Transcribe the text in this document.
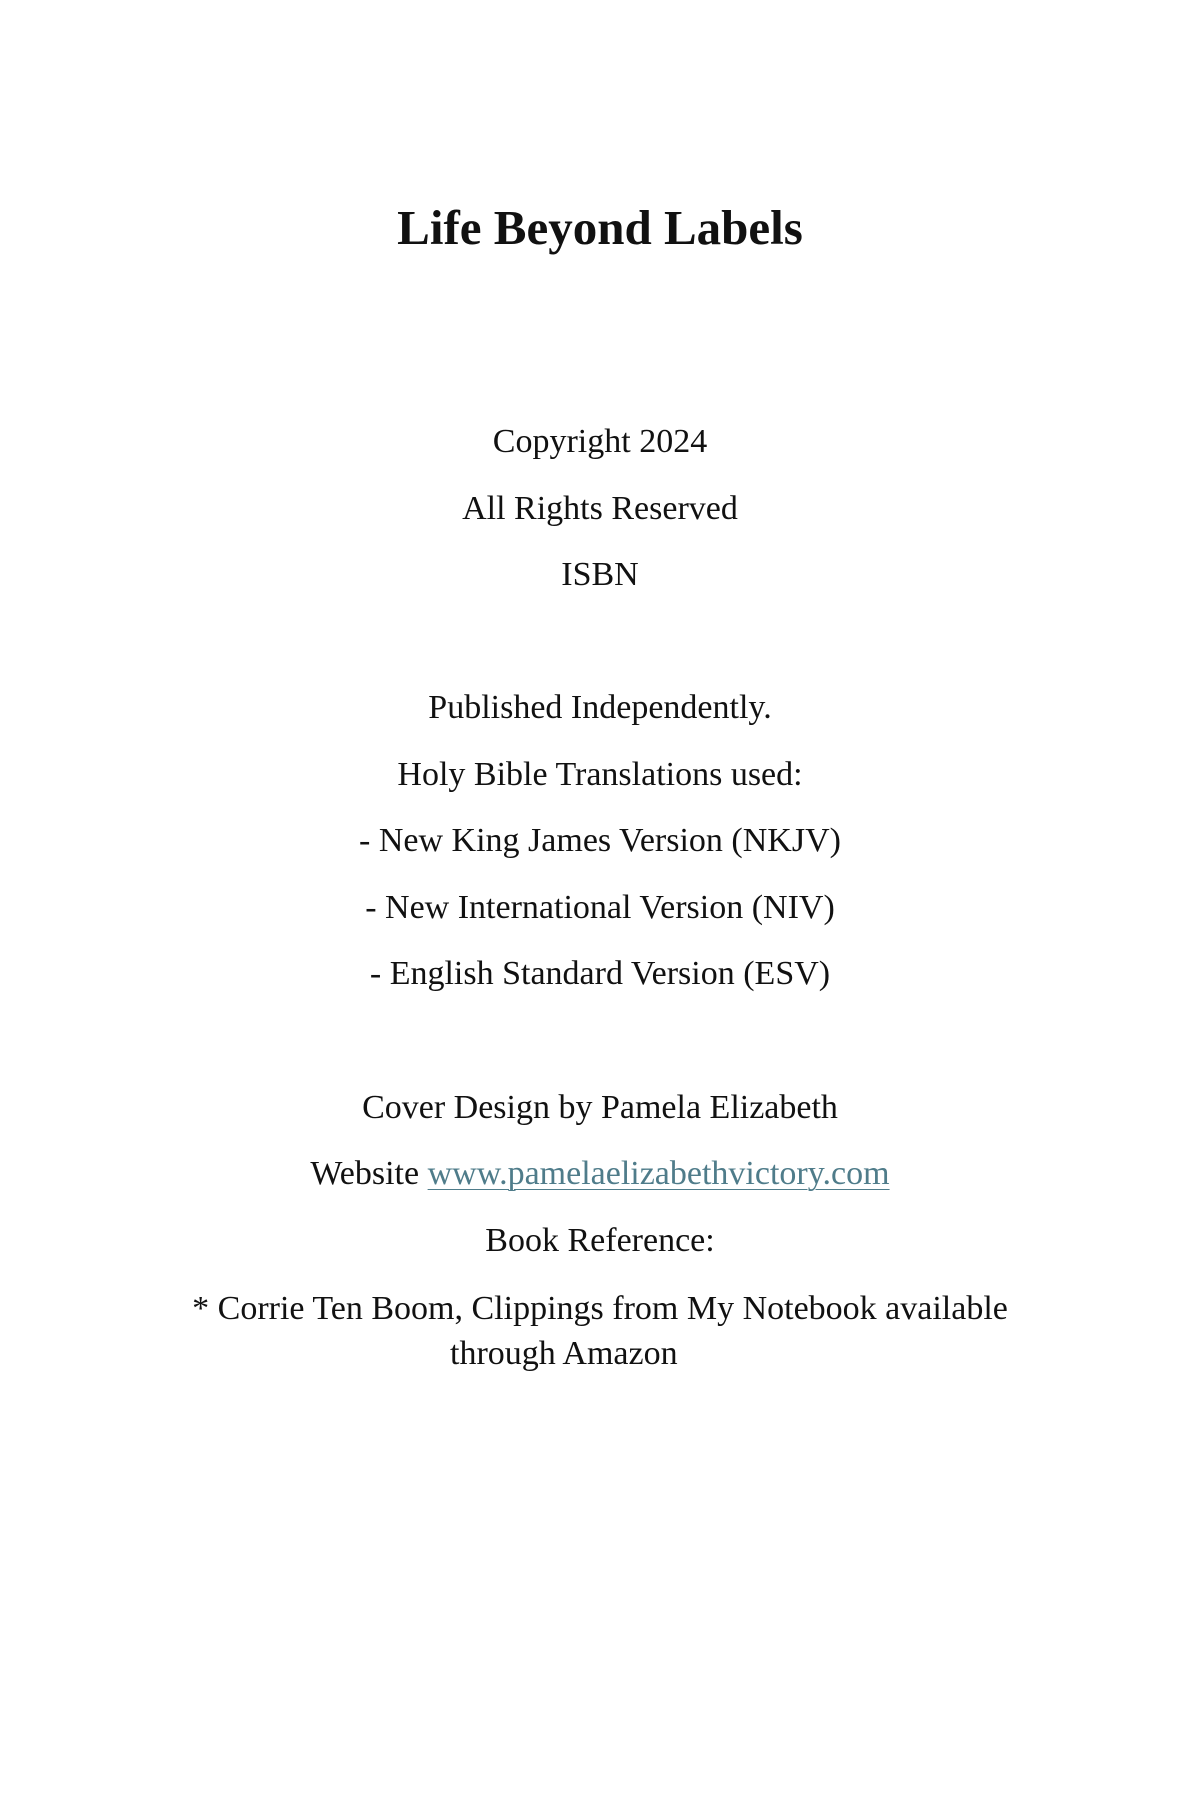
Life Beyond Labels
Copyright 2024
All Rights Reserved
ISBN
Published Independently.
Holy Bible Translations used:
- New King James Version (NKJV)
- New International Version (NIV)
- English Standard Version (ESV)
Cover Design by Pamela Elizabeth
Website www.pamelaelizabethvictory.com
Book Reference:
* Corrie Ten Boom, Clippings from My Notebook available
through Amazon
